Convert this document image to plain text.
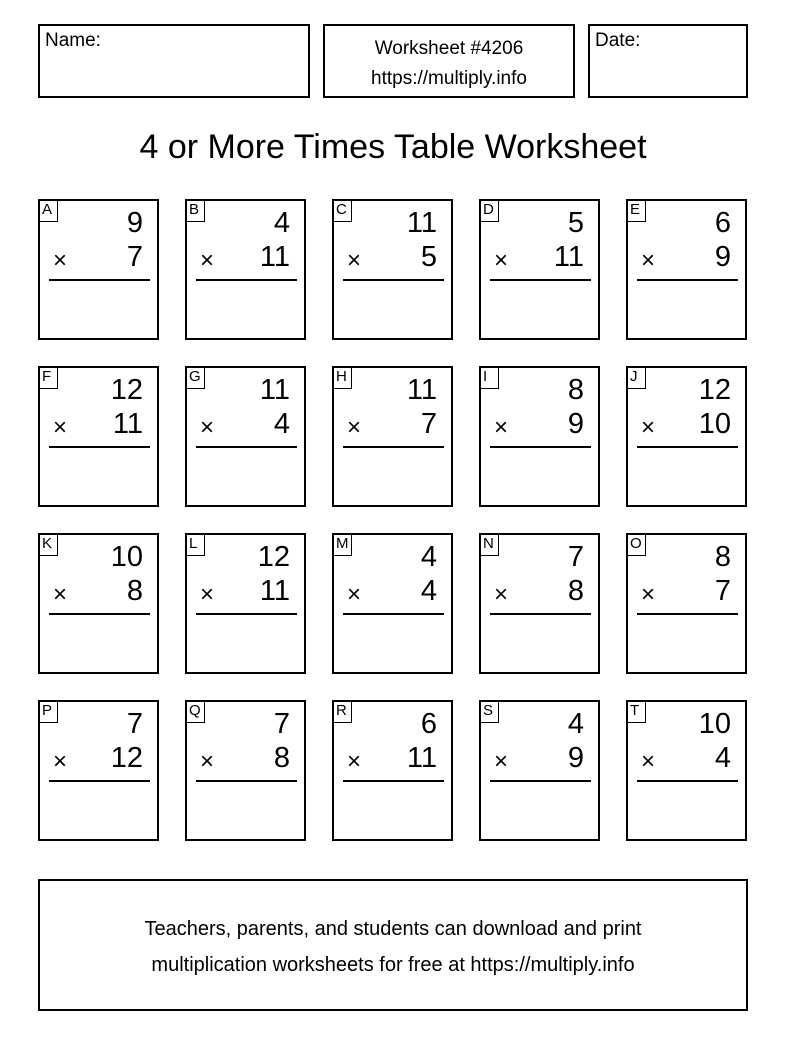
Name:	Worksheet #4206
https://multiply.info
Date:
4 or More Times Table Worksheet
A	9
× 7
B	4
× 11
C 11
× 5
D	5
× 11
E	6
× 9
F 12
× 11
G 11
× 4
H 11
× 7
I	8
× 9
J 12
× 10
K 10
× 8
L 12
× 11
M 4
× 4
N	7
× 8
O	8
× 7
P	7
× 12
Q	7
× 8
R	6
× 11
S	4
× 9
T 10
× 4
Teachers, parents, and students can download and print
multiplication worksheets for free at https://multiply.info
